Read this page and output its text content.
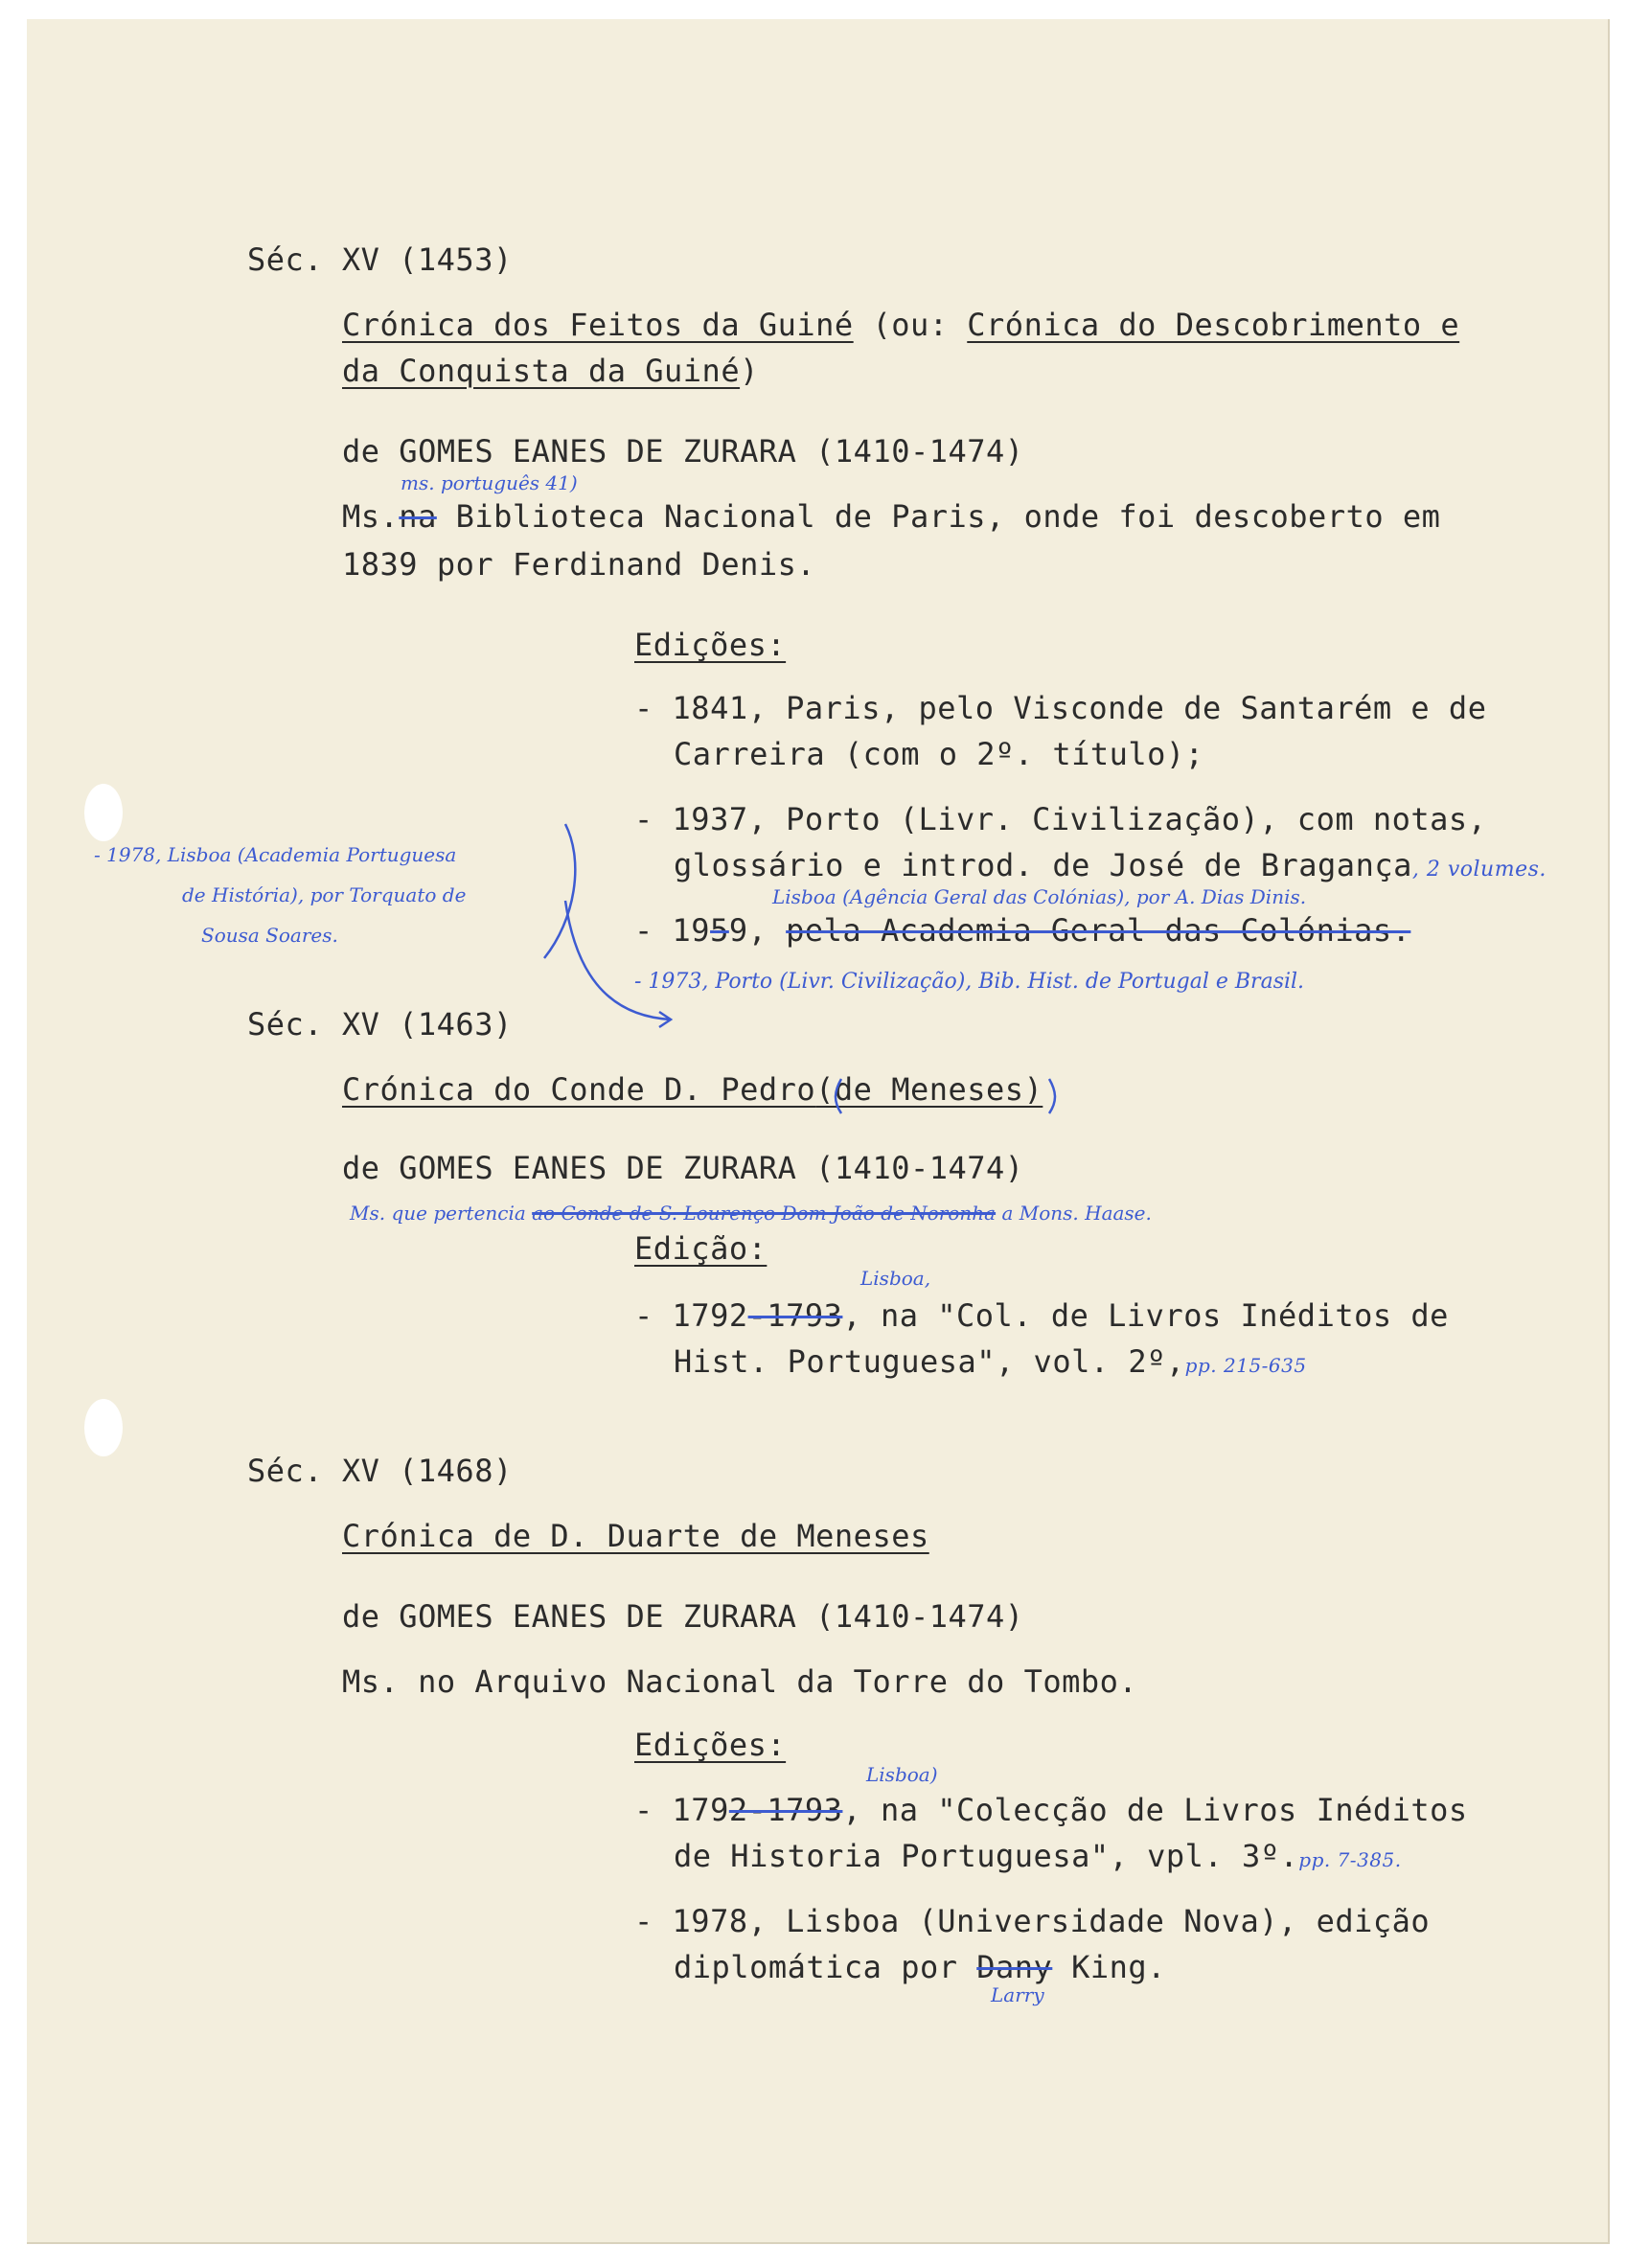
Séc. XV (1453)
Crónica dos Feitos da Guiné (ou: Crónica do Descobrimento e
da Conquista da Guiné)
de GOMES EANES DE ZURARA (1410-1474)
ms. português 41)
Ms.na Biblioteca Nacional de Paris, onde foi descoberto em
1839 por Ferdinand Denis.
Edições:
- 1841, Paris, pelo Visconde de Santarém e de
Carreira (com o 2º. título);
- 1937, Porto (Livr. Civilização), com notas,
glossário e introd. de José de Bragança, 2 volumes.
Lisboa (Agência Geral das Colónias), por A. Dias Dinis.
- 1959, pela Academia Geral das Colónias.
- 1973, Porto (Livr. Civilização), Bib. Hist. de Portugal e Brasil.
- 1978, Lisboa (Academia Portuguesa
de História), por Torquato de
Sousa Soares.
Séc. XV (1463)
Crónica do Conde D. Pedro(de Meneses)
de GOMES EANES DE ZURARA (1410-1474)
Ms. que pertencia ao Conde de S. Lourenço Dom João de Noronha a Mons. Haase.
Edição:
Lisboa,
- 1792-1793, na "Col. de Livros Inéditos de
Hist. Portuguesa", vol. 2º,pp. 215-635
Séc. XV (1468)
Crónica de D. Duarte de Meneses
de GOMES EANES DE ZURARA (1410-1474)
Ms. no Arquivo Nacional da Torre do Tombo.
Edições:
Lisboa)
- 1792-1793, na "Colecção de Livros Inéditos
de Historia Portuguesa", vpl. 3º.pp. 7-385.
- 1978, Lisboa (Universidade Nova), edição
diplomática por Dany King.
Larry
